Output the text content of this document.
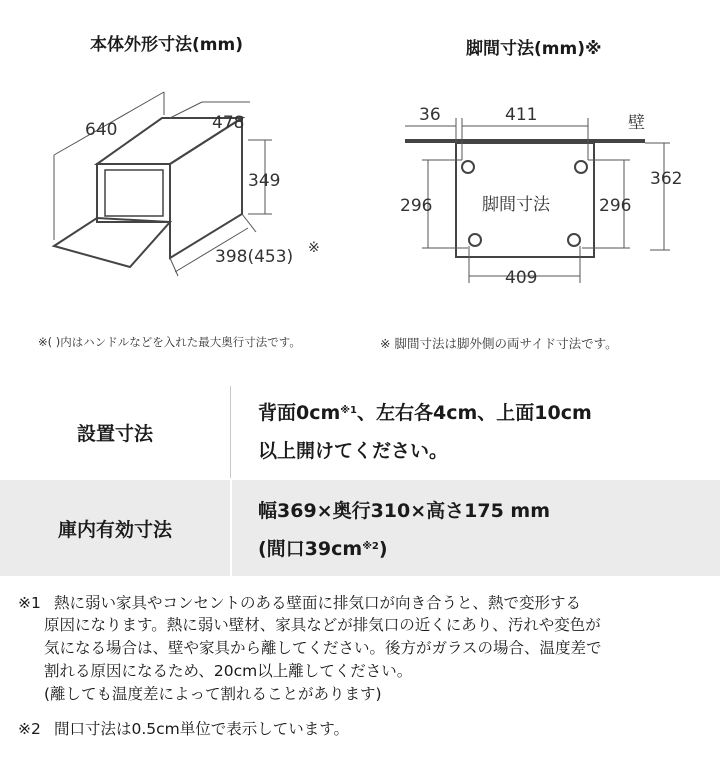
本体外形寸法(mm)
640	478
349
398(453) ※
※( )内はハンドルなどを入れた最大奥行寸法です。
脚間寸法(mm)※
壁
脚間寸法
36	411
296	296
362
409
※ 脚間寸法は脚外側の両サイド寸法です。
設置寸法
背面$0cm^{※1}$、左右各4cm、上面10cm
以上開けてください。
庫内有効寸法
幅369×奥行310×高さ175 mm
(間口$39cm^{※2}$)
※1 熱に弱い家具やコンセントのある壁面に排気口が向き合うと、熱で変形する
原因になります。熱に弱い壁材、家具などが排気口の近くにあり、汚れや変色が
気になる場合は、壁や家具から離してください。後方がガラスの場合、温度差で
割れる原因になるため、20cm以上離してください。
(離しても温度差によって割れることがあります)
※2 間口寸法は0.5cm単位で表示しています。
